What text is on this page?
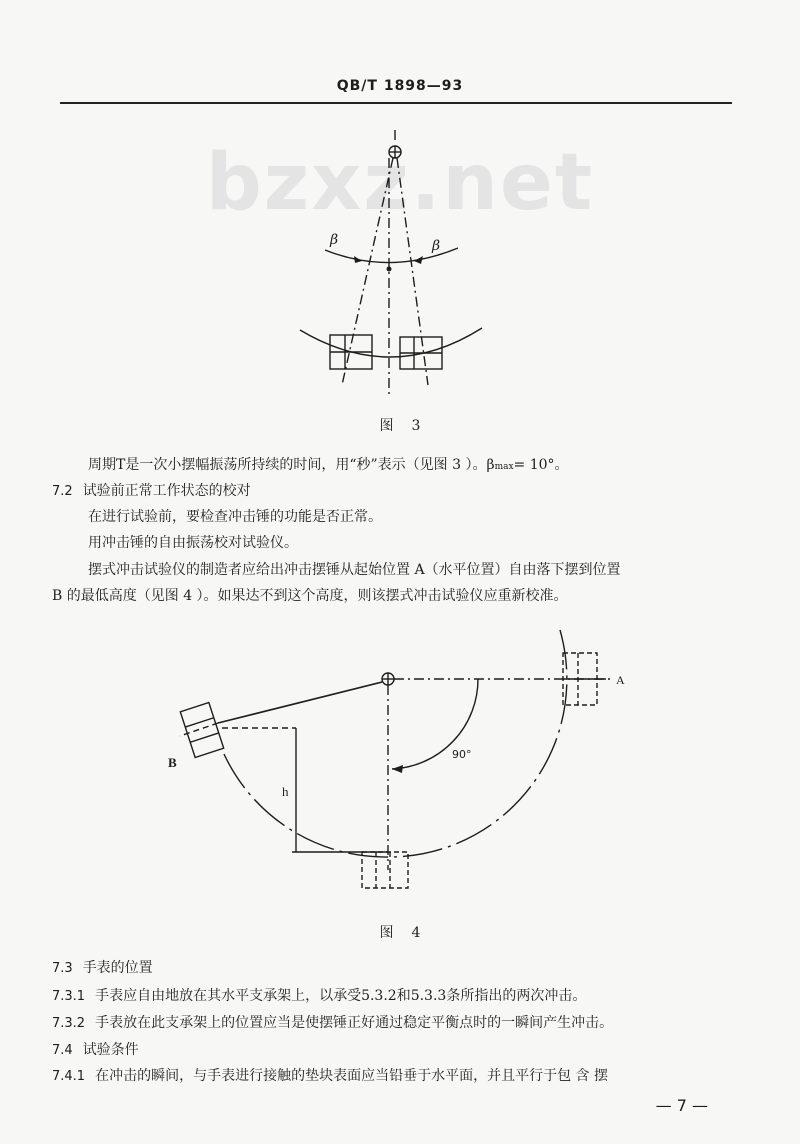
QB/T 1898—93
bzxz.net
β	β
图3
周期T是一次小摆幅振荡所持续的时间，用“秒”表示（见图 3 ）。βmax= 10°。
7.2 试验前正常工作状态的校对
在进行试验前，要检查冲击锤的功能是否正常。
用冲击锤的自由振荡校对试验仪。
摆式冲击试验仪的制造者应给出冲击摆锤从起始位置 A（水平位置）自由落下摆到位置
B 的最低高度（见图 4 ）。如果达不到这个高度，则该摆式冲击试验仪应重新校准。
A
B
h
90°
图4
7.3 手表的位置
7.3.1 手表应自由地放在其水平支承架上，以承受5.3.2和5.3.3条所指出的两次冲击。
7.3.2 手表放在此支承架上的位置应当是使摆锤正好通过稳定平衡点时的一瞬间产生冲击。
7.4 试验条件
7.4.1 在冲击的瞬间，与手表进行接触的垫块表面应当铅垂于水平面，并且平行于包 含 摆
— 7 —
